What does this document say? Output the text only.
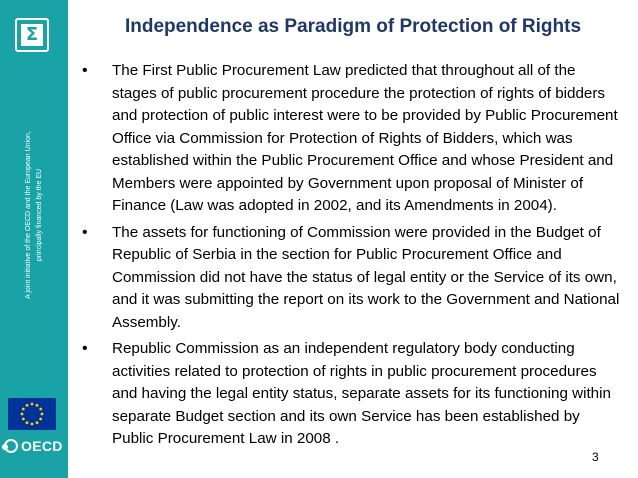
Σ
A joint initiative of the OECD and the European Union, principally financed by the EU
OECD
Independence as Paradigm of Protection of Rights
•	The First Public Procurement Law predicted that throughout all of the stages of public procurement procedure the protection of rights of bidders and protection of public interest were to be provided by Public Procurement Office via Commission for Protection of Rights of Bidders, which was established within the Public Procurement Office and whose President and Members were appointed by Government upon proposal of Minister of Finance (Law was adopted in 2002, and its Amendments in 2004).
•	The assets for functioning of Commission were provided in the Budget of Republic of Serbia in the section for Public Procurement Office and Commission did not have the status of legal entity or the Service of its own, and it was submitting the report on its work to the Government and National Assembly.
•	Republic Commission as an independent regulatory body conducting activities related to protection of rights in public procurement procedures and having the legal entity status, separate assets for its functioning within separate Budget section and its own Service has been established by Public Procurement Law in 2008 .
3
